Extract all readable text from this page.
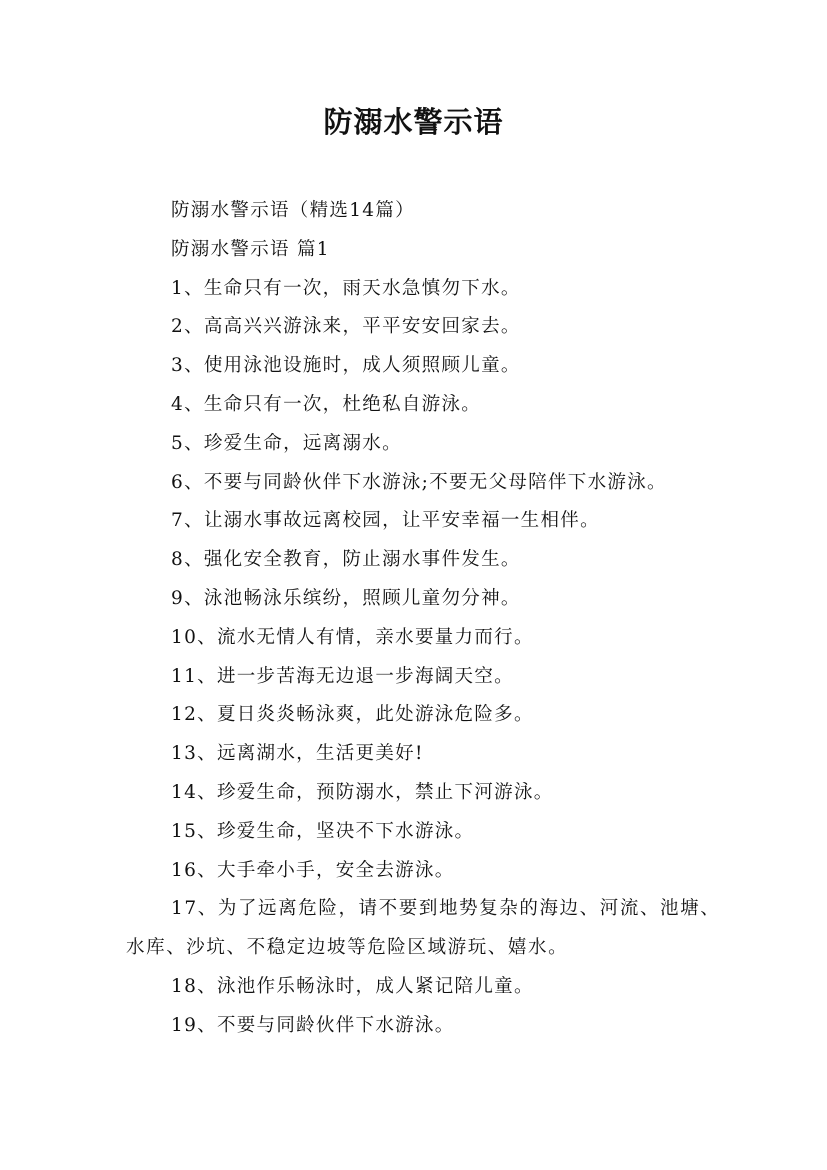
防溺水警示语
防溺水警示语（精选14篇）
防溺水警示语 篇1
1、生命只有一次，雨天水急慎勿下水。
2、高高兴兴游泳来，平平安安回家去。
3、使用泳池设施时，成人须照顾儿童。
4、生命只有一次，杜绝私自游泳。
5、珍爱生命，远离溺水。
6、不要与同龄伙伴下水游泳;不要无父母陪伴下水游泳。
7、让溺水事故远离校园，让平安幸福一生相伴。
8、强化安全教育，防止溺水事件发生。
9、泳池畅泳乐缤纷，照顾儿童勿分神。
10、流水无情人有情，亲水要量力而行。
11、进一步苦海无边退一步海阔天空。
12、夏日炎炎畅泳爽，此处游泳危险多。
13、远离湖水，生活更美好!
14、珍爱生命，预防溺水，禁止下河游泳。
15、珍爱生命，坚决不下水游泳。
16、大手牵小手，安全去游泳。
17、为了远离危险，请不要到地势复杂的海边、河流、池塘、水库、沙坑、不稳定边坡等危险区域游玩、嬉水。
18、泳池作乐畅泳时，成人紧记陪儿童。
19、不要与同龄伙伴下水游泳。
